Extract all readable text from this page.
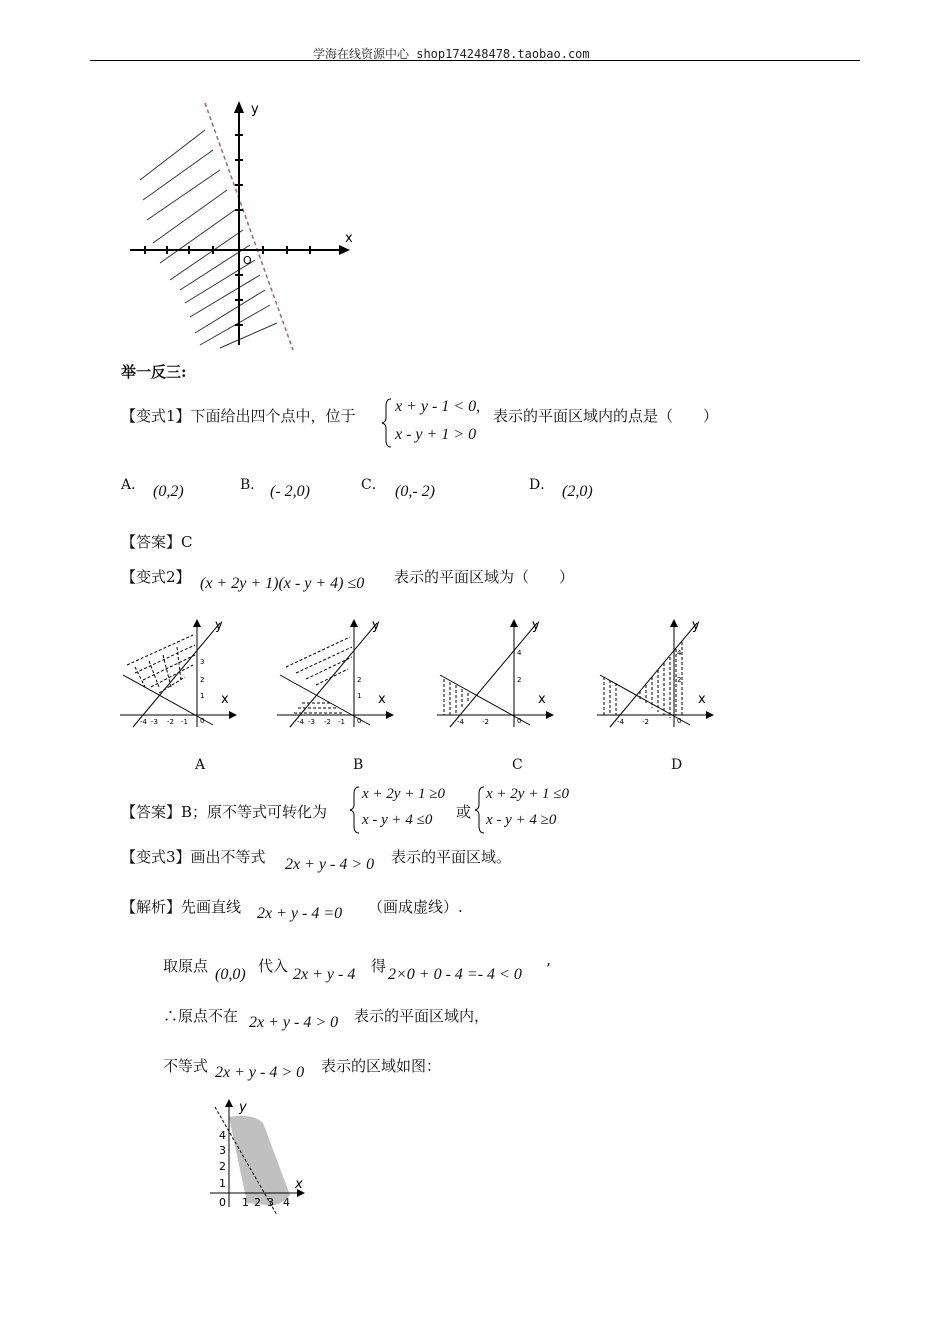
学海在线资源中心 shop174248478.taobao.com
x
y
O
举一反三:
【变式1】下面给出四个点中，位于
x + y - 1 < 0,
x - y + 1 > 0
表示的平面区域内的点是（　　）
A． (0,2)	B． (- 2,0)	C． (0,- 2)	D． (2,0)
【答案】C
【变式2】 (x + 2y + 1)(x - y + 4) ≤0 表示的平面区域为（　　）
y
x
3
2
1
0
-4 -3 -2 -1
A
y
x
2
1
0
-4 -3 -2 -1
B
y
x
4
2
0
-4	-2
C
y
x
4
2
0
-4	-2
D
【答案】B；原不等式可转化为
x + 2y + 1 ≥0
x - y + 4 ≤0 或
x + 2y + 1 ≤0
x - y + 4 ≥0
【变式3】画出不等式 2x + y - 4 > 0 表示的平面区域。
【解析】先画直线 2x + y - 4 =0 （画成虚线）.
取原点 (0,0) 代入 2x + y - 4 得 2×0 + 0 - 4 =- 4 < 0 ’
∴原点不在 2x + y - 4 > 0 表示的平面区域内，
不等式 2x + y - 4 > 0 表示的区域如图：
y
x
0 1 2 3 4
1
2
3
4
